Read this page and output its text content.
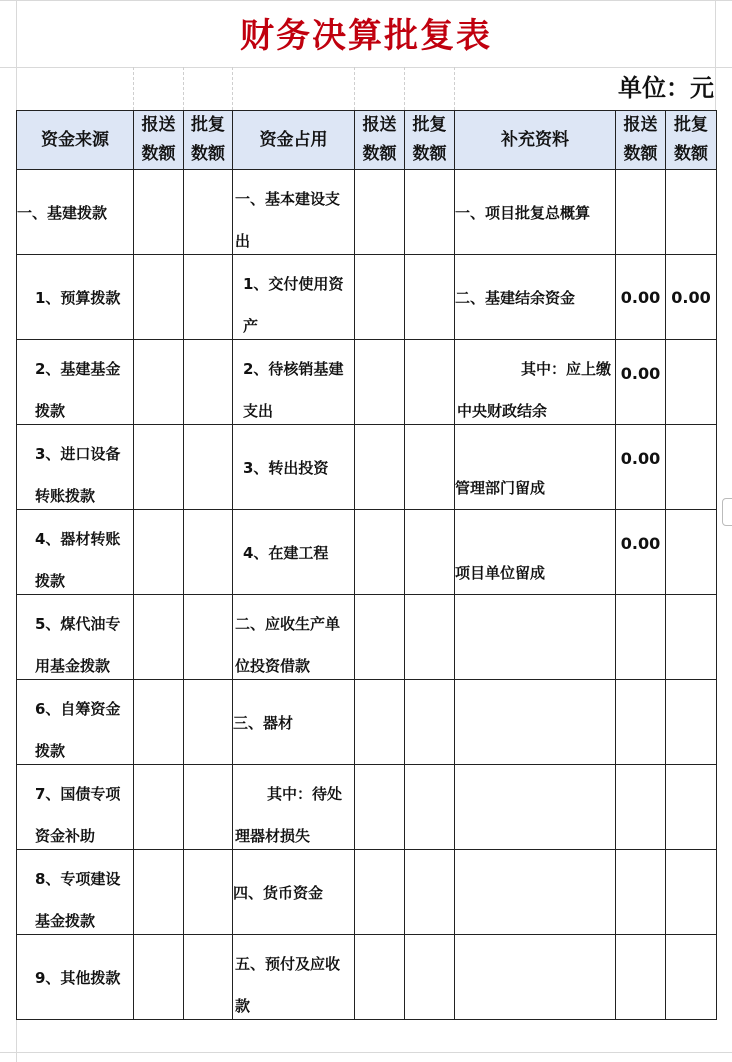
财务决算批复表
单位：元
资金来源	报送数额	批复数额	资金占用	报送数额	批复数额	补充资料	报送数额	批复数额

一、基建拨款			一、基本建设支出			一、项目批复总概算		

1、预算拨款			1、交付使用资产			二、基建结余资金	0.00	0.00

2、基建基金拨款			2、待核销基建支出			其中：应上缴中央财政结余	0.00	

3、进口设备转账拨款			3、转出投资			管理部门留成	0.00	

4、器材转账拨款			4、在建工程			项目单位留成	0.00	

5、煤代油专用基金拨款			二、应收生产单位投资借款					

6、自筹资金拨款			三、器材					

7、国债专项资金补助			其中：待处理器材损失					

8、专项建设基金拨款			四、货币资金					

9、其他拨款			五、预付及应收款					
